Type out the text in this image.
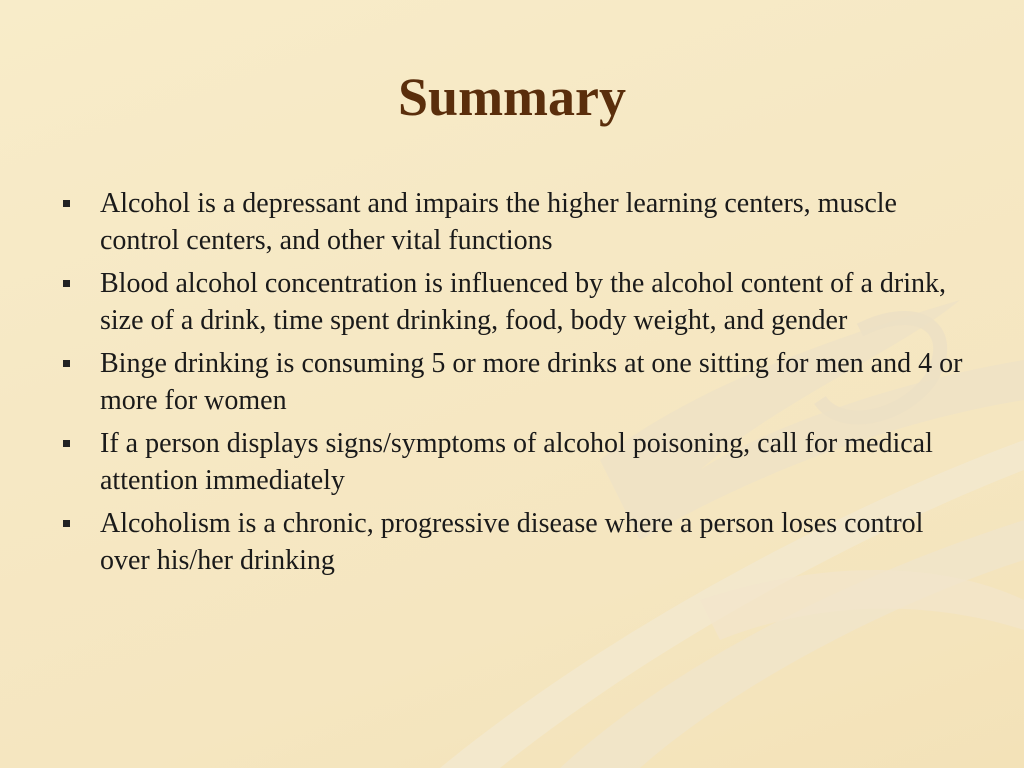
Summary
Alcohol is a depressant and impairs the higher learning centers, muscle control centers, and other vital functions
Blood alcohol concentration is influenced by the alcohol content of a drink, size of a drink, time spent drinking, food, body weight, and gender
Binge drinking is consuming 5 or more drinks at one sitting for men and 4 or more for women
If a person displays signs/symptoms of alcohol poisoning, call for medical attention immediately
Alcoholism is a chronic, progressive disease where a person loses control over his/her drinking
